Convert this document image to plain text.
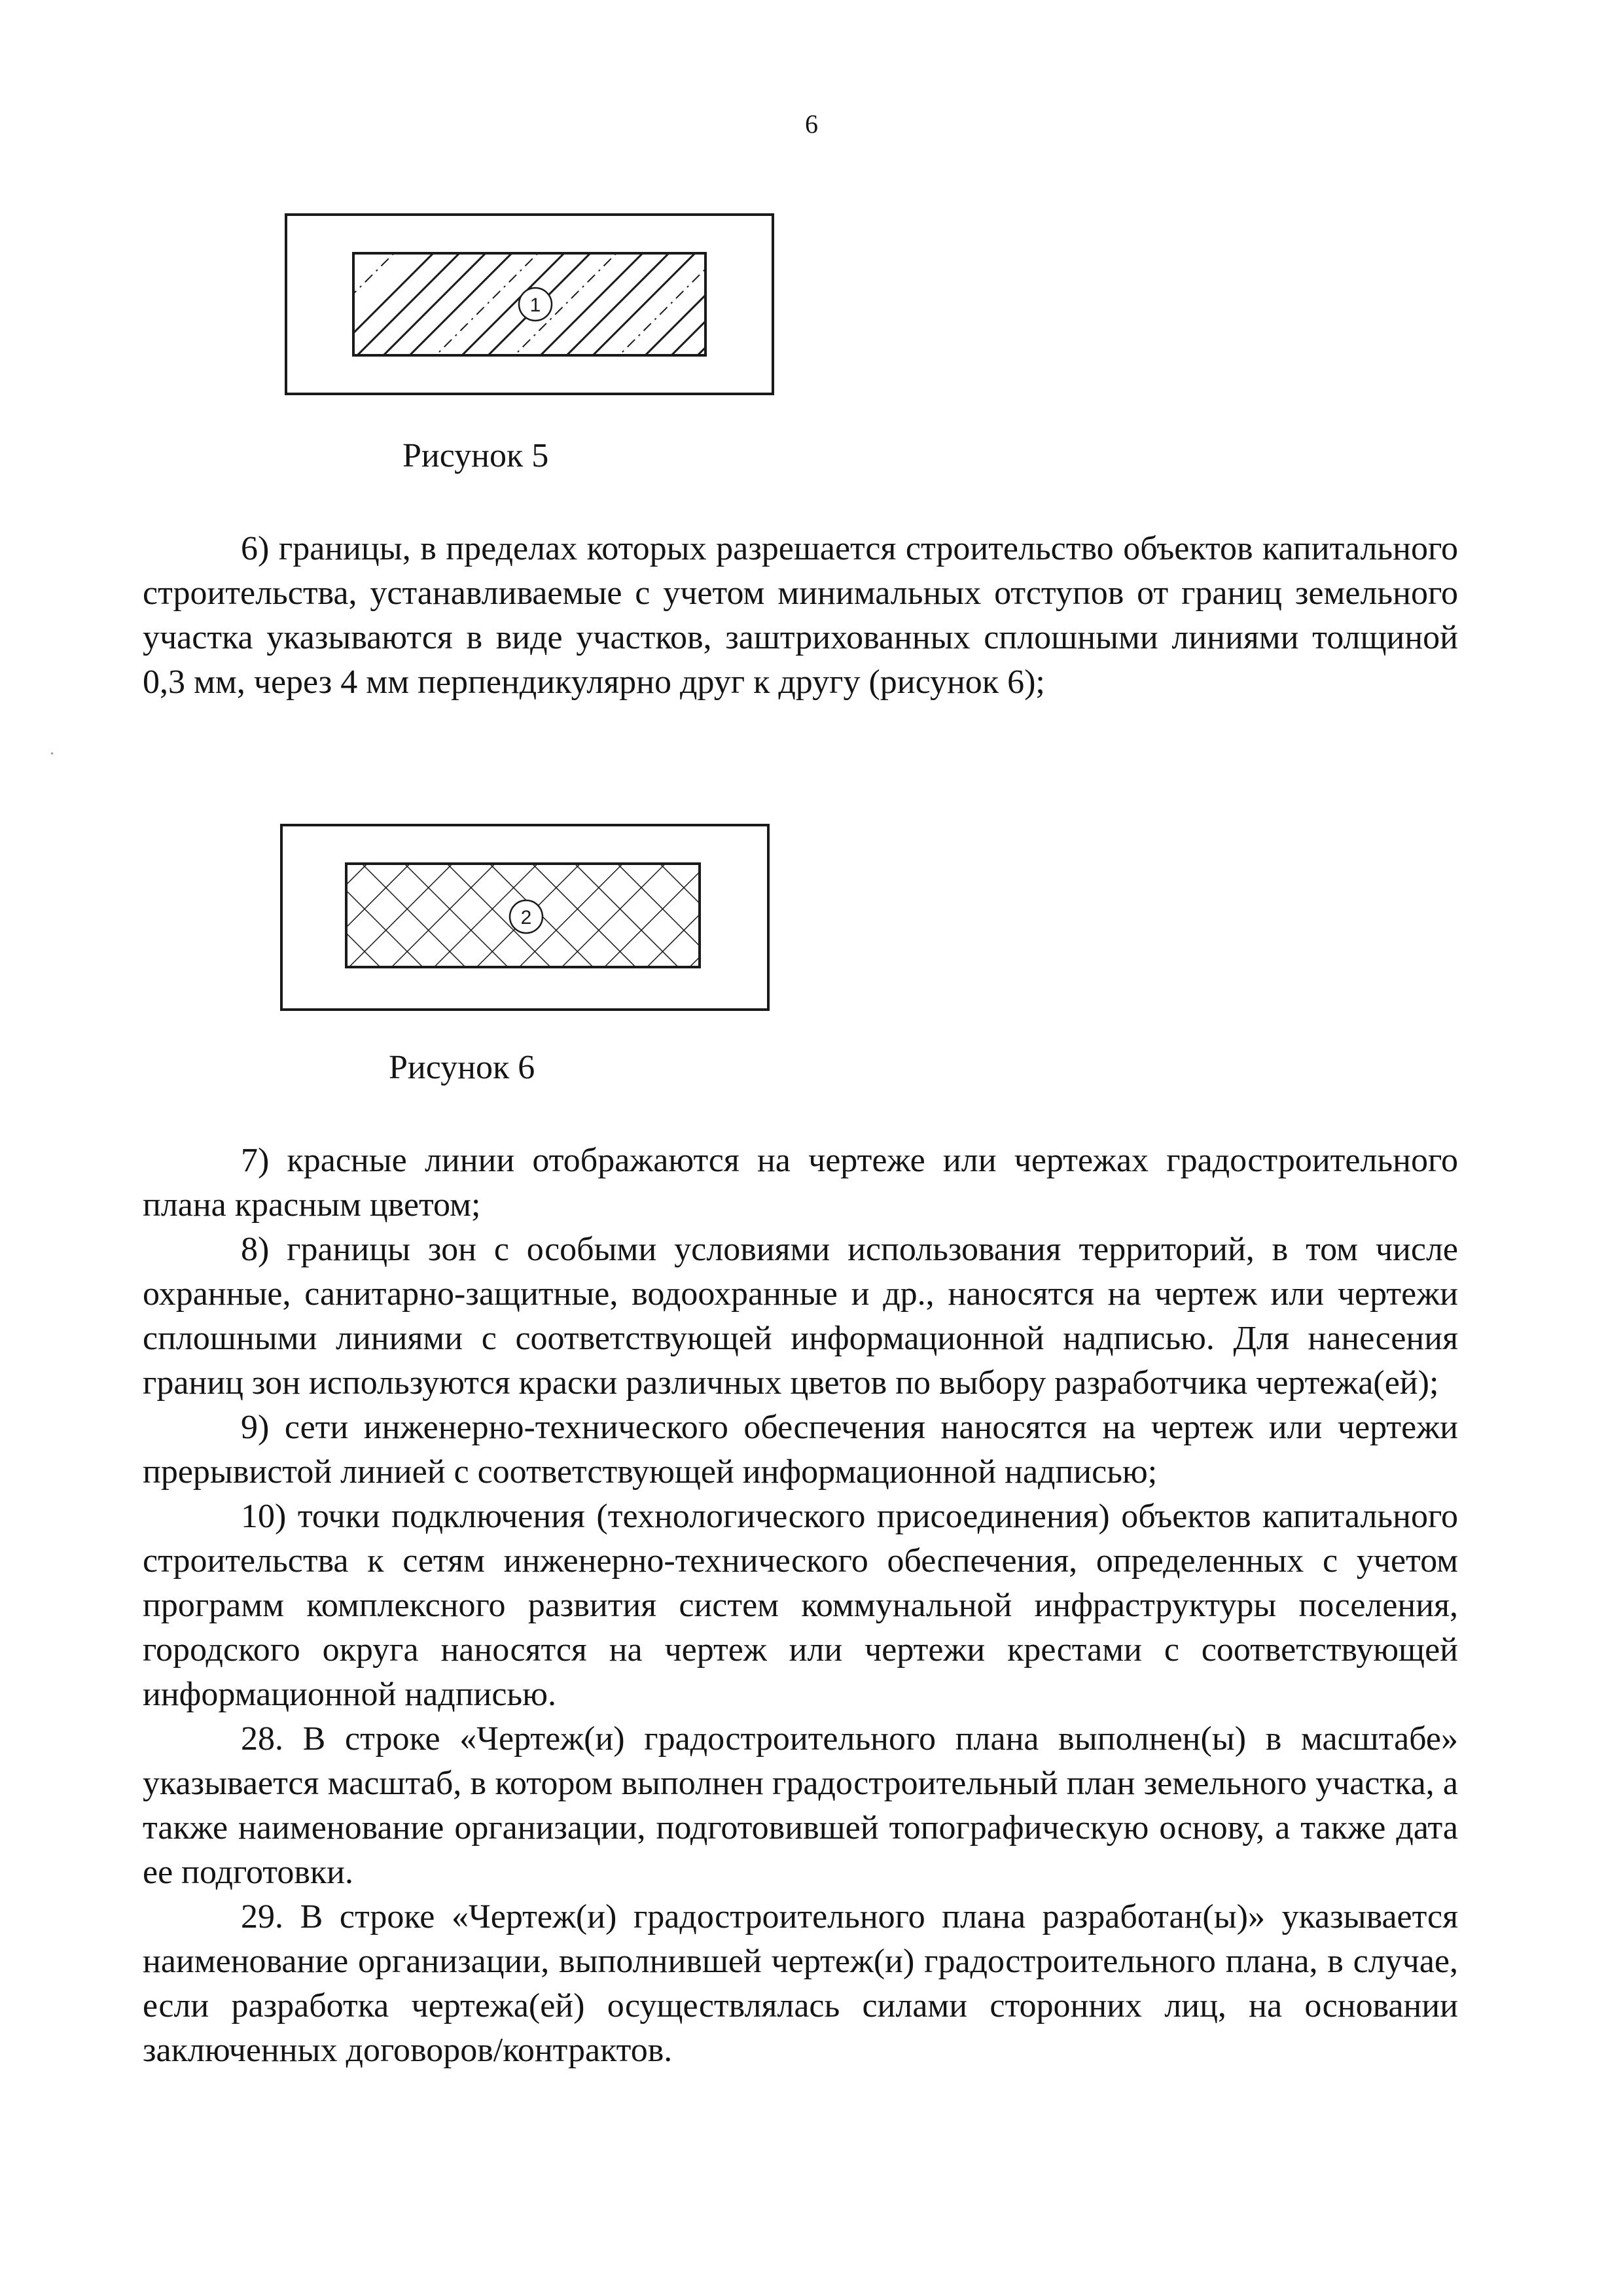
6
1
Рисунок 5

6) границы, в пределах которых разрешается строительство объектов капитального строительства, устанавливаемые с учетом минимальных отступов от границ земельного участка указываются в виде участков, заштрихованных сплошными линиями толщиной 0,3 мм, через 4 мм перпендикулярно друг к другу (рисунок 6);

2
Рисунок 6

7) красные линии отображаются на чертеже или чертежах градостроительного плана красным цветом;

8) границы зон с особыми условиями использования территорий, в том числе охранные, санитарно-защитные, водоохранные и др., наносятся на чертеж или чертежи сплошными линиями с соответствующей информационной надписью. Для нанесения границ зон используются краски различных цветов по выбору разработчика чертежа(ей);

9) сети инженерно-технического обеспечения наносятся на чертеж или чертежи прерывистой линией с соответствующей информационной надписью;

10) точки подключения (технологического присоединения) объектов капитального строительства к сетям инженерно-технического обеспечения, определенных с учетом программ комплексного развития систем коммунальной инфраструктуры поселения, городского округа наносятся на чертеж или чертежи крестами с соответствующей информационной надписью.

28. В строке «Чертеж(и) градостроительного плана выполнен(ы) в масштабе» указывается масштаб, в котором выполнен градостроительный план земельного участка, а также наименование организации, подготовившей топографическую основу, а также дата ее подготовки.

29. В строке «Чертеж(и) градостроительного плана разработан(ы)» указывается наименование организации, выполнившей чертеж(и) градостроительного плана, в случае, если разработка чертежа(ей) осуществлялась силами сторонних лиц, на основании заключенных договоров/контрактов.
